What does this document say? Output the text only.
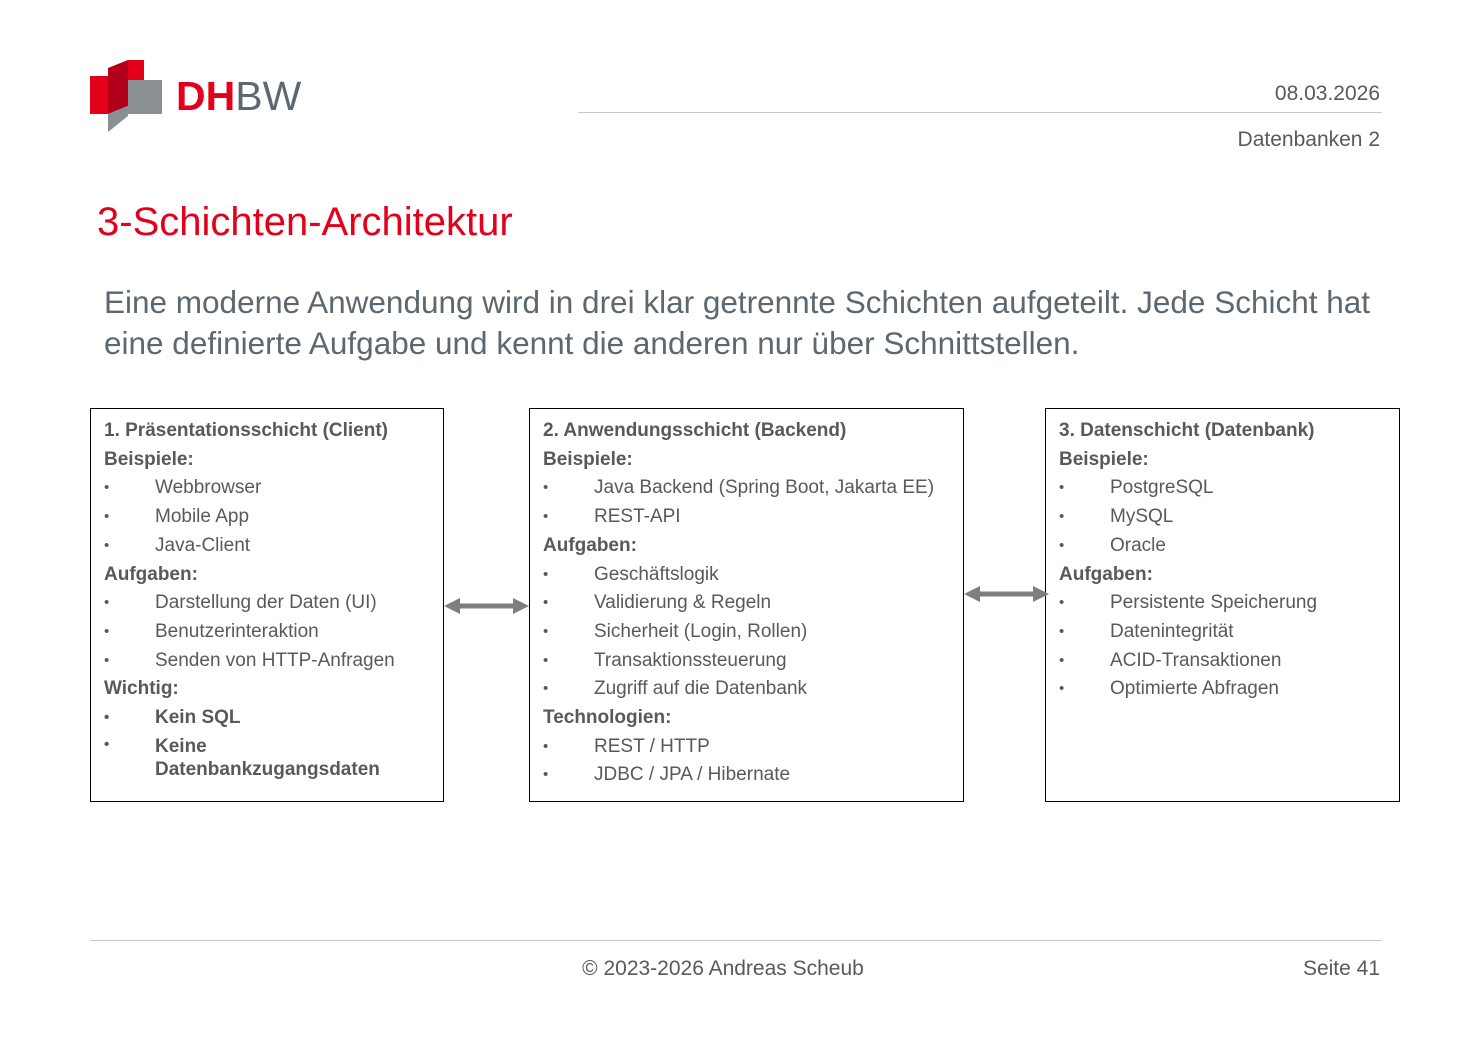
DHBW	08.03.2026
Datenbanken 2
3-Schichten-Architektur
Eine moderne Anwendung wird in drei klar getrennte Schichten aufgeteilt. Jede Schicht hat eine definierte Aufgabe und kennt die anderen nur über Schnittstellen.
1. Präsentationsschicht (Client)
Beispiele:
• Webbrowser
• Mobile App
• Java-Client
Aufgaben:
• Darstellung der Daten (UI)
• Benutzerinteraktion
• Senden von HTTP-Anfragen
Wichtig:
• Kein SQL
• Keine Datenbankzugangsdaten
2. Anwendungsschicht (Backend)
Beispiele:
• Java Backend (Spring Boot, Jakarta EE)
• REST-API
Aufgaben:
• Geschäftslogik
• Validierung & Regeln
• Sicherheit (Login, Rollen)
• Transaktionssteuerung
• Zugriff auf die Datenbank
Technologien:
• REST / HTTP
• JDBC / JPA / Hibernate
3. Datenschicht (Datenbank)
Beispiele:
• PostgreSQL
• MySQL
• Oracle
Aufgaben:
• Persistente Speicherung
• Datenintegrität
• ACID-Transaktionen
• Optimierte Abfragen
© 2023-2026 Andreas Scheub	Seite 41
